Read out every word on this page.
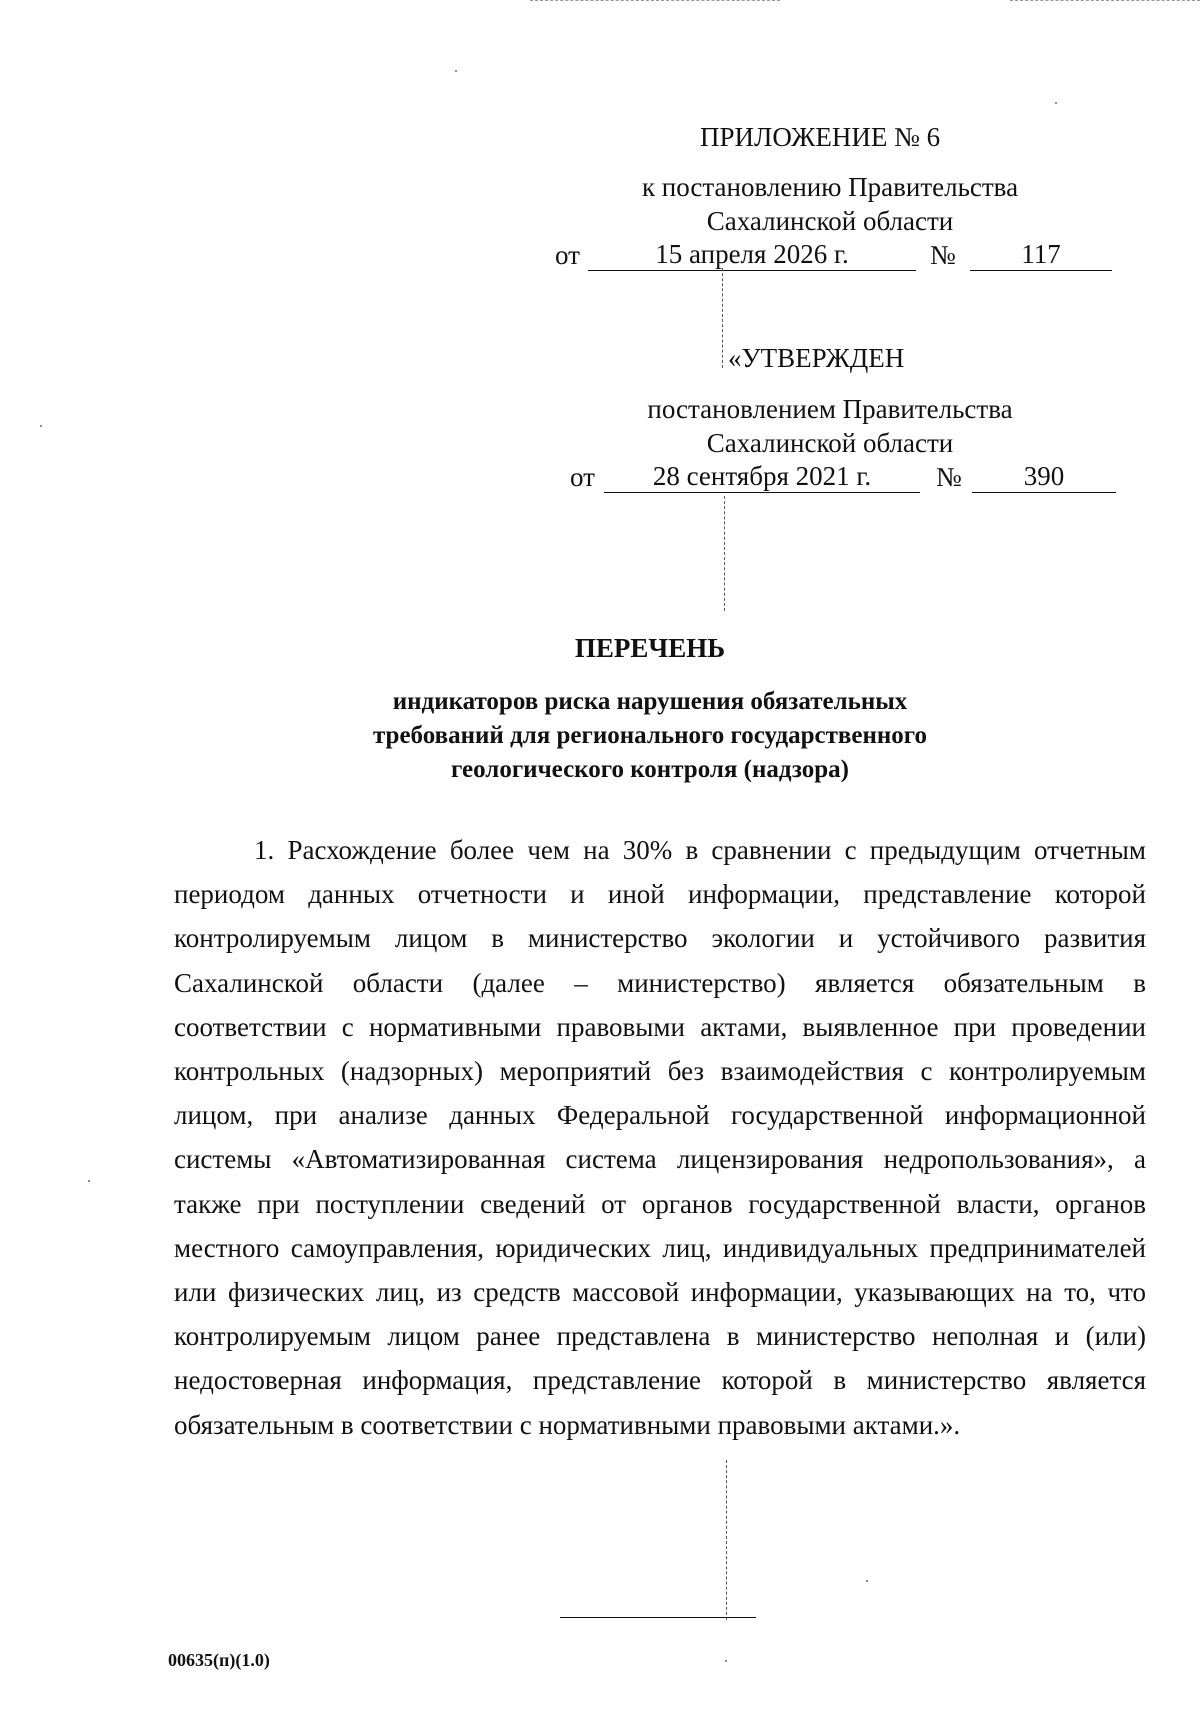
ПРИЛОЖЕНИЕ № 6
к постановлению Правительства
Сахалинской области
от	15 апреля 2026 г.	№	117
«УТВЕРЖДЕН
постановлением Правительства
Сахалинской области
от	28 сентября 2021 г.	№	390
ПЕРЕЧЕНЬ
индикаторов риска нарушения обязательных
требований для регионального государственного
геологического контроля (надзора)

1. Расхождение более чем на 30% в сравнении с предыдущим отчетным периодом данных отчетности и иной информации, представление которой контролируемым лицом в министерство экологии и устойчивого развития Сахалинской области (далее – министерство) является обязательным в соответствии с нормативными правовыми актами, выявленное при проведении контрольных (надзорных) мероприятий без взаимодействия с контролируемым лицом, при анализе данных Федеральной государственной информационной системы «Автоматизированная система лицензирования недропользования», а также при поступлении сведений от органов государственной власти, органов местного самоуправления, юридических лиц, индивидуальных предпринимателей или физических лиц, из средств массовой информации, указывающих на то, что контролируемым лицом ранее представлена в министерство неполная и (или) недостоверная информация, представление которой в министерство является обязательным в соответствии с нормативными правовыми актами.».

00635(п)(1.0)
